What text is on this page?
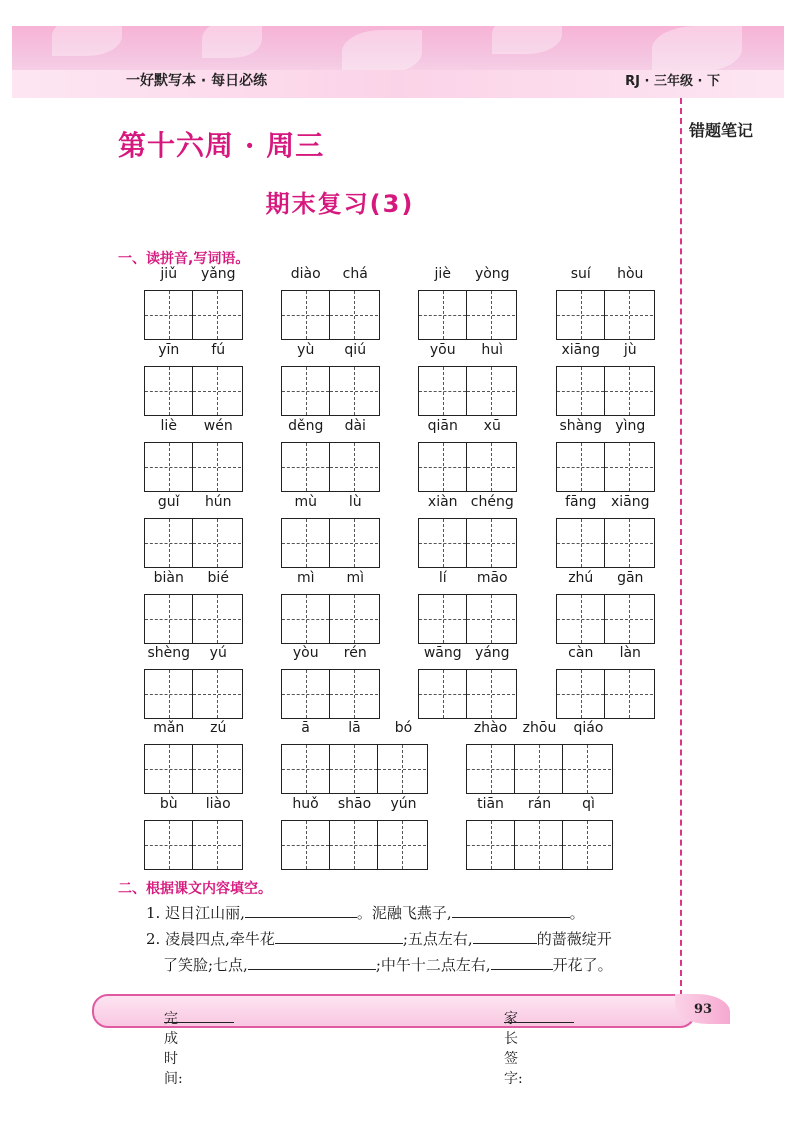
一好默写本 · 每日必练	RJ · 三年级 · 下
错题笔记
第十六周 · 周三
期末复习(3)
一、读拼音,写词语。
jiǔ	yǎng	diào	chá	jiè	yòng	suí	hòu
yīn	fú	yù	qiú	yōu	huì	xiāng	jù
liè	wén	děng	dài	qiān	xū	shàng yìng
guǐ	hún	mù	lù	xiàn chéng	fāng	xiāng
biàn	bié	mì	mì	lí	māo	zhú	gān
shèng	yú	yòu	rén	wāng yáng	càn	làn
mǎn	zú	ā	lā	bó	zhào	zhōu	qiáo
bù	liào	huǒ	shāo	yún	tiān	rán	qì
二、根据课文内容填空。
1. 迟日江山丽,	。泥融飞燕子,	。
2. 凌晨四点,牵牛花	;五点左右,	的蔷薇绽开
了笑脸;七点,	;中午十二点左右,	开花了。
完成时间:
家长签字:
93
